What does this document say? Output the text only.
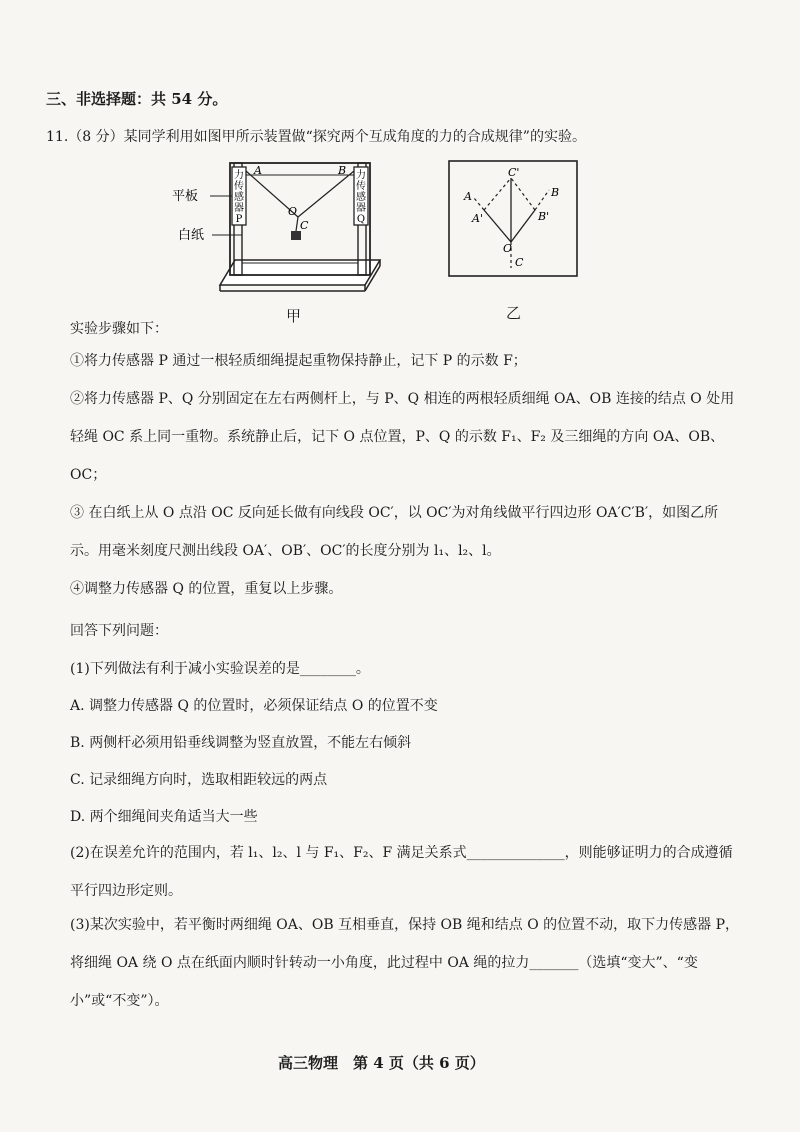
三、非选择题：共 54 分。
11.（8 分）某同学利用如图甲所示装置做“探究两个互成角度的力的合成规律”的实验。
力
传
感
器
P
力
传
感
器
Q
A	B
O
C
平板
白纸
甲
C'
A
A'
B
B'
O
C
乙
实验步骤如下：
①将力传感器 P 通过一根轻质细绳提起重物保持静止，记下 P 的示数 F；
②将力传感器 P、Q 分别固定在左右两侧杆上，与 P、Q 相连的两根轻质细绳 OA、OB 连接的结点 O 处用轻绳 OC 系上同一重物。系统静止后，记下 O 点位置，P、Q 的示数 F₁、F₂ 及三细绳的方向 OA、OB、OC；
③ 在白纸上从 O 点沿 OC 反向延长做有向线段 OC′，以 OC′为对角线做平行四边形 OA′C′B′，如图乙所示。用毫米刻度尺测出线段 OA′、OB′、OC′的长度分别为 l₁、l₂、l。
④调整力传感器 Q 的位置，重复以上步骤。
回答下列问题：
(1)下列做法有利于减小实验误差的是________。
A. 调整力传感器 Q 的位置时，必须保证结点 O 的位置不变
B. 两侧杆必须用铅垂线调整为竖直放置，不能左右倾斜
C. 记录细绳方向时，选取相距较远的两点
D. 两个细绳间夹角适当大一些
(2)在误差允许的范围内，若 l₁、l₂、l 与 F₁、F₂、F 满足关系式______________，则能够证明力的合成遵循平行四边形定则。
(3)某次实验中，若平衡时两细绳 OA、OB 互相垂直，保持 OB 绳和结点 O 的位置不动，取下力传感器 P，将细绳 OA 绕 O 点在纸面内顺时针转动一小角度，此过程中 OA 绳的拉力_______（选填“变大”、“变小”或“不变”）。
高三物理　第 4 页（共 6 页）
